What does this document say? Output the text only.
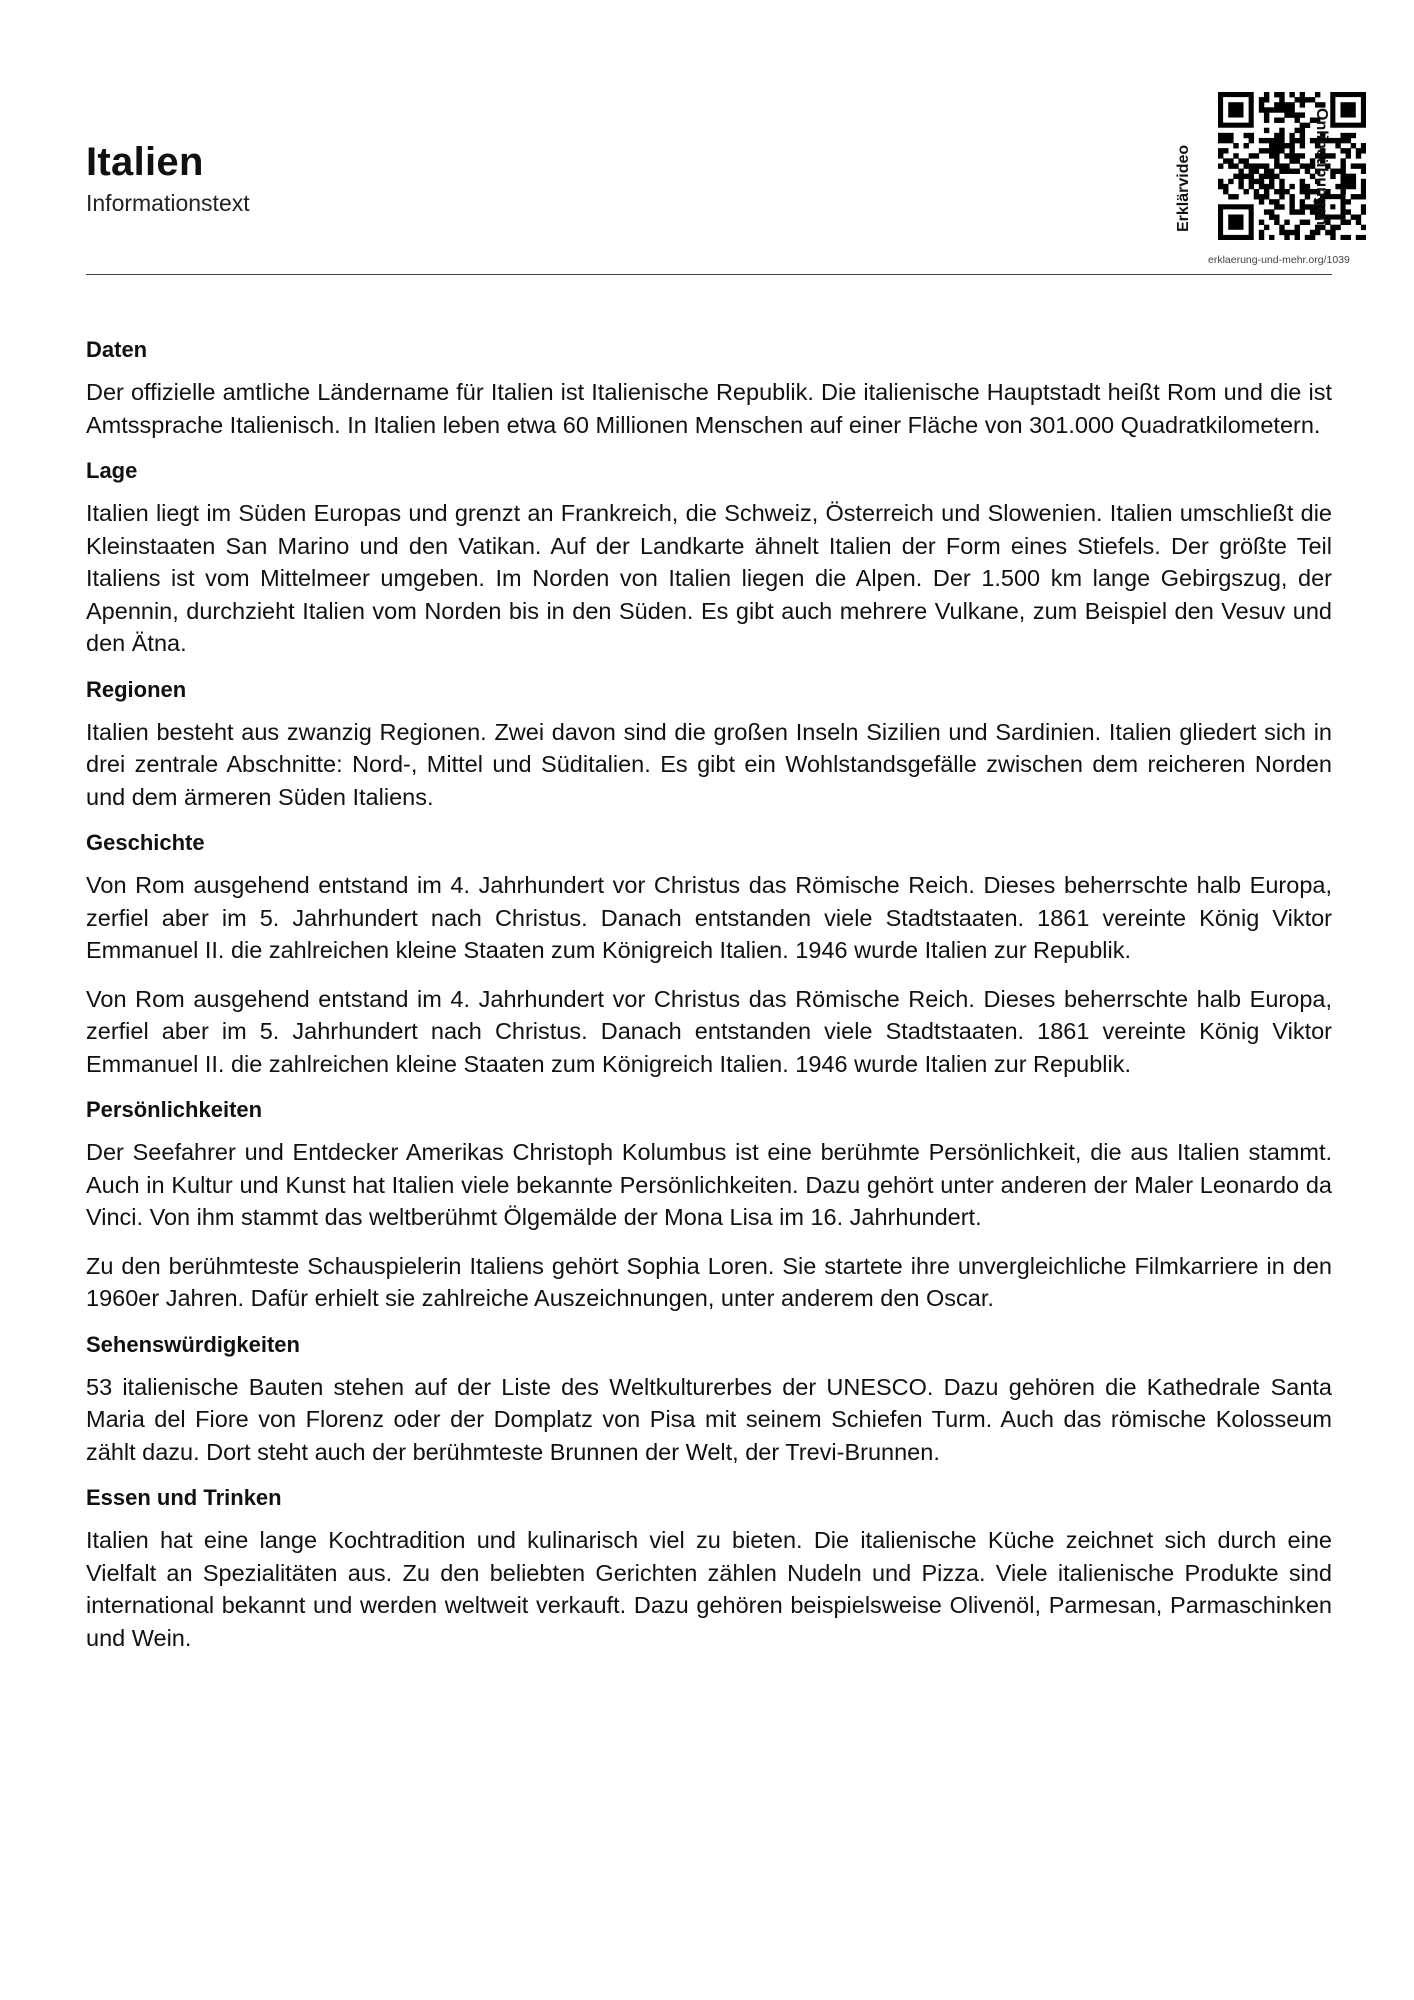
Italien
Informationstext	Erklärvideo	Onlineübungen
erklaerung-und-mehr.org/1039
Daten

Der offizielle amtliche Ländername für Italien ist Italienische Republik. Die italienische Hauptstadt heißt Rom und die ist Amtssprache Italienisch. In Italien leben etwa 60 Millionen Menschen auf einer Fläche von 301.000 Quadratkilometern.

Lage

Italien liegt im Süden Europas und grenzt an Frankreich, die Schweiz, Österreich und Slowenien. Italien umschließt die Kleinstaaten San Marino und den Vatikan. Auf der Landkarte ähnelt Italien der Form eines Stiefels. Der größte Teil Italiens ist vom Mittelmeer umgeben. Im Norden von Italien liegen die Alpen. Der 1.500 km lange Gebirgszug, der Apennin, durchzieht Italien vom Norden bis in den Süden. Es gibt auch mehrere Vulkane, zum Beispiel den Vesuv und den Ätna.

Regionen

Italien besteht aus zwanzig Regionen. Zwei davon sind die großen Inseln Sizilien und Sardinien. Italien gliedert sich in drei zentrale Abschnitte: Nord-, Mittel und Süditalien. Es gibt ein Wohlstandsgefälle zwischen dem reicheren Norden und dem ärmeren Süden Italiens.

Geschichte

Von Rom ausgehend entstand im 4. Jahrhundert vor Christus das Römische Reich. Dieses beherrschte halb Europa, zerfiel aber im 5. Jahrhundert nach Christus. Danach entstanden viele Stadtstaaten. 1861 vereinte König Viktor Emmanuel II. die zahlreichen kleine Staaten zum Königreich Italien. 1946 wurde Italien zur Republik.

Von Rom ausgehend entstand im 4. Jahrhundert vor Christus das Römische Reich. Dieses beherrschte halb Europa, zerfiel aber im 5. Jahrhundert nach Christus. Danach entstanden viele Stadtstaaten. 1861 vereinte König Viktor Emmanuel II. die zahlreichen kleine Staaten zum Königreich Italien. 1946 wurde Italien zur Republik.

Persönlichkeiten

Der Seefahrer und Entdecker Amerikas Christoph Kolumbus ist eine berühmte Persönlichkeit, die aus Italien stammt. Auch in Kultur und Kunst hat Italien viele bekannte Persönlichkeiten. Dazu gehört unter anderen der Maler Leonardo da Vinci. Von ihm stammt das weltberühmt Ölgemälde der Mona Lisa im 16. Jahrhundert.

Zu den berühmteste Schauspielerin Italiens gehört Sophia Loren. Sie startete ihre unvergleichliche Filmkarriere in den 1960er Jahren. Dafür erhielt sie zahlreiche Auszeichnungen, unter anderem den Oscar.

Sehenswürdigkeiten

53 italienische Bauten stehen auf der Liste des Weltkulturerbes der UNESCO. Dazu gehören die Kathedrale Santa Maria del Fiore von Florenz oder der Domplatz von Pisa mit seinem Schiefen Turm. Auch das römische Kolosseum zählt dazu. Dort steht auch der berühmteste Brunnen der Welt, der Trevi-Brunnen.

Essen und Trinken

Italien hat eine lange Kochtradition und kulinarisch viel zu bieten. Die italienische Küche zeichnet sich durch eine Vielfalt an Spezialitäten aus. Zu den beliebten Gerichten zählen Nudeln und Pizza. Viele italienische Produkte sind international bekannt und werden weltweit verkauft. Dazu gehören beispielsweise Olivenöl, Parmesan, Parmaschinken und Wein.
